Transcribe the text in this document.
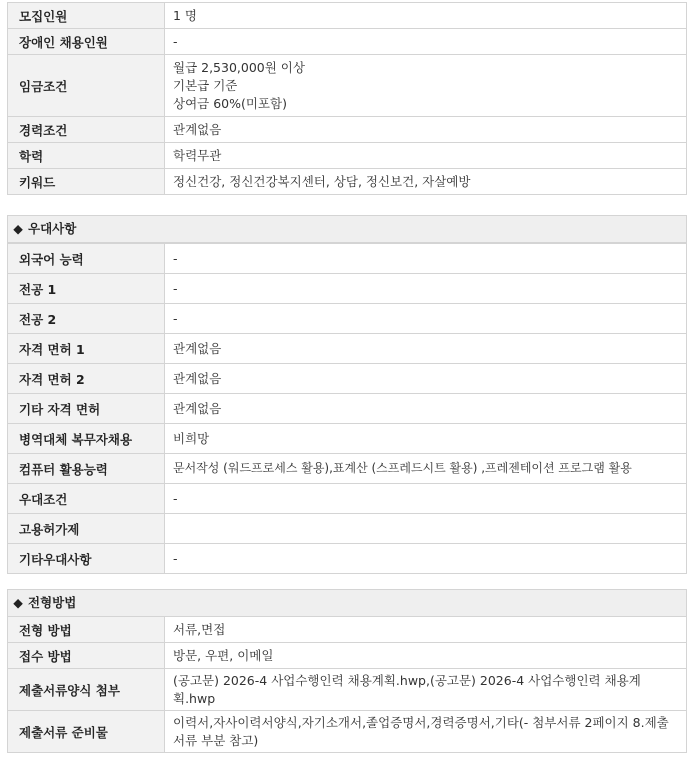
모집인원	1 명
장애인 채용인원	-
임금조건	월급 2,530,000원 이상
기본급 기준
상여금 60%(미포함)

경력조건	관계없음
학력	학력무관
키워드	정신건강, 정신건강복지센터, 상담, 정신보건, 자살예방
◆ 우대사항
외국어 능력	-
전공 1	-
전공 2	-
자격 면허 1	관계없음
자격 면허 2	관계없음
기타 자격 면허	관계없음
병역대체 복무자채용	비희망
컴퓨터 활용능력	문서작성 (워드프로세스 활용),표계산 (스프레드시트 활용) ,프레젠테이션 프로그램 활용
우대조건	-
고용허가제	
기타우대사항	-
◆ 전형방법
전형 방법	서류,면접
접수 방법	방문, 우편, 이메일
제출서류양식 첨부	(공고문) 2026-4 사업수행인력 채용계획.hwp,(공고문) 2026-4 사업수행인력 채용계획.hwp
제출서류 준비물	이력서,자사이력서양식,자기소개서,졸업증명서,경력증명서,기타(- 첨부서류 2페이지 8.제출서류 부분 참고)
